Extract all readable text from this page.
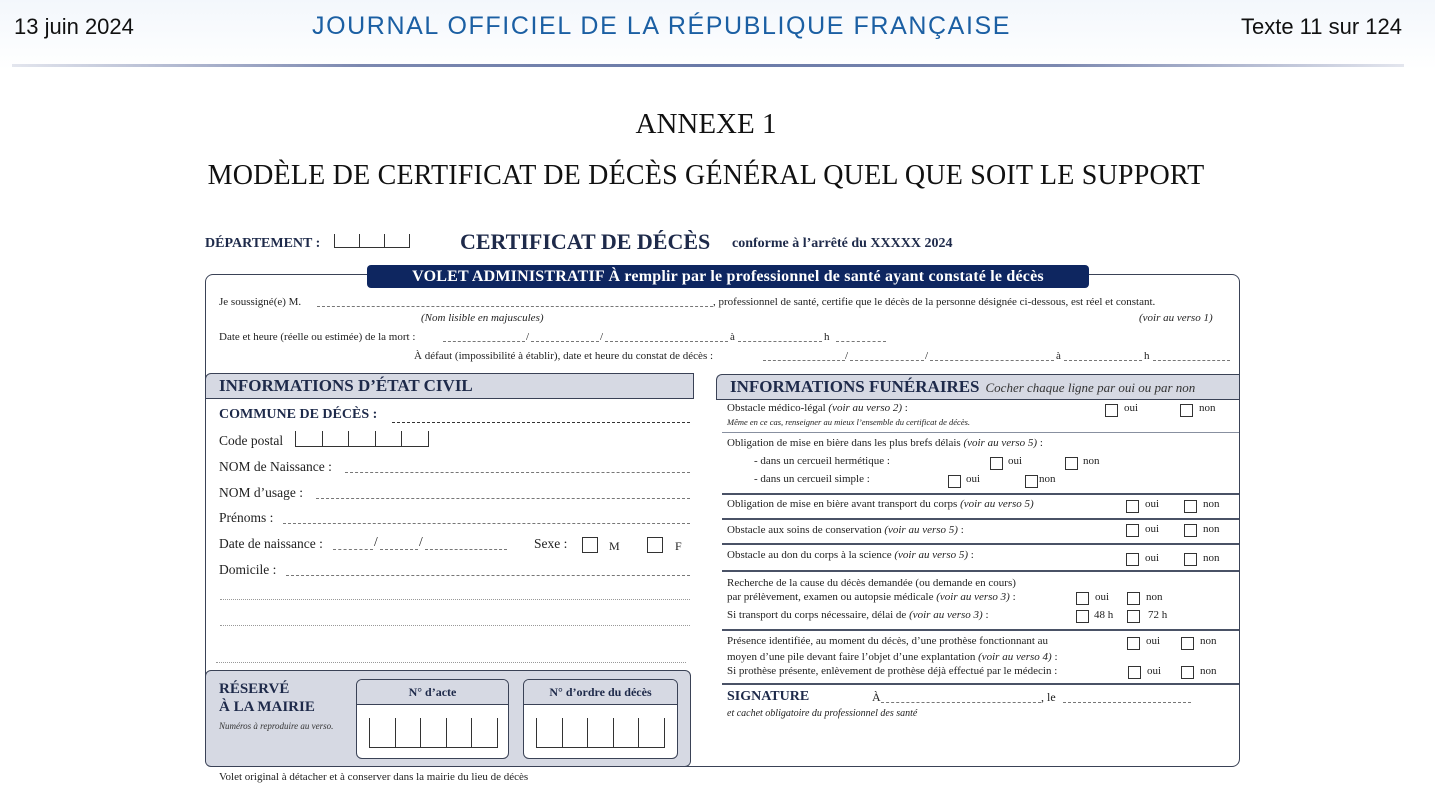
13 juin 2024	JOURNAL OFFICIEL DE LA RÉPUBLIQUE FRANÇAISE	Texte 11 sur 124
ANNEXE 1
MODÈLE DE CERTIFICAT DE DÉCÈS GÉNÉRAL QUEL QUE SOIT LE SUPPORT
DÉPARTEMENT :	CERTIFICAT DE DÉCÈS conforme à l’arrêté du XXXXX 2024
VOLET ADMINISTRATIF À remplir par le professionnel de santé ayant constaté le décès
Je soussigné(e) M.	, professionnel de santé, certifie que le décès de la personne désignée ci-dessous, est réel et constant.
(Nom lisible en majuscules)	(voir au verso 1)
Date et heure (réelle ou estimée) de la mort :	/	/	à	h
À défaut (impossibilité à établir), date et heure du constat de décès :	/	/	à	h
INFORMATIONS D’ÉTAT CIVIL
COMMUNE DE DÉCÈS :
Code postal
NOM de Naissance :
NOM d’usage :
Prénoms :
Date de naissance :	/	/	Sexe :	M	F
Domicile :
RÉSERVÉ
À LA MAIRIE
Numéros à reproduire au verso.
N° d’acte	N° d’ordre du décès
Volet original à détacher et à conserver dans la mairie du lieu de décès
INFORMATIONS FUNÉRAIRES Cocher chaque ligne par oui ou par non
Obstacle médico-légal (voir au verso 2) :
Même en ce cas, renseigner au mieux l’ensemble du certificat de décès.
oui	non
Obligation de mise en bière dans les plus brefs délais (voir au verso 5) :
- dans un cercueil hermétique :	oui	non
- dans un cercueil simple :	oui	non
Obligation de mise en bière avant transport du corps (voir au verso 5)	oui	non
Obstacle aux soins de conservation (voir au verso 5) :	oui	non
Obstacle au don du corps à la science (voir au verso 5) :	oui	non
Recherche de la cause du décès demandée (ou demande en cours)
par prélèvement, examen ou autopsie médicale (voir au verso 3) :	oui	non
Si transport du corps nécessaire, délai de (voir au verso 3) :	48 h	72 h
Présence identifiée, au moment du décès, d’une prothèse fonctionnant au	oui	non
moyen d’une pile devant faire l’objet d’une explantation (voir au verso 4) :
Si prothèse présente, enlèvement de prothèse déjà effectué par le médecin :	oui	non
SIGNATURE	À	, le
et cachet obligatoire du professionnel des santé
